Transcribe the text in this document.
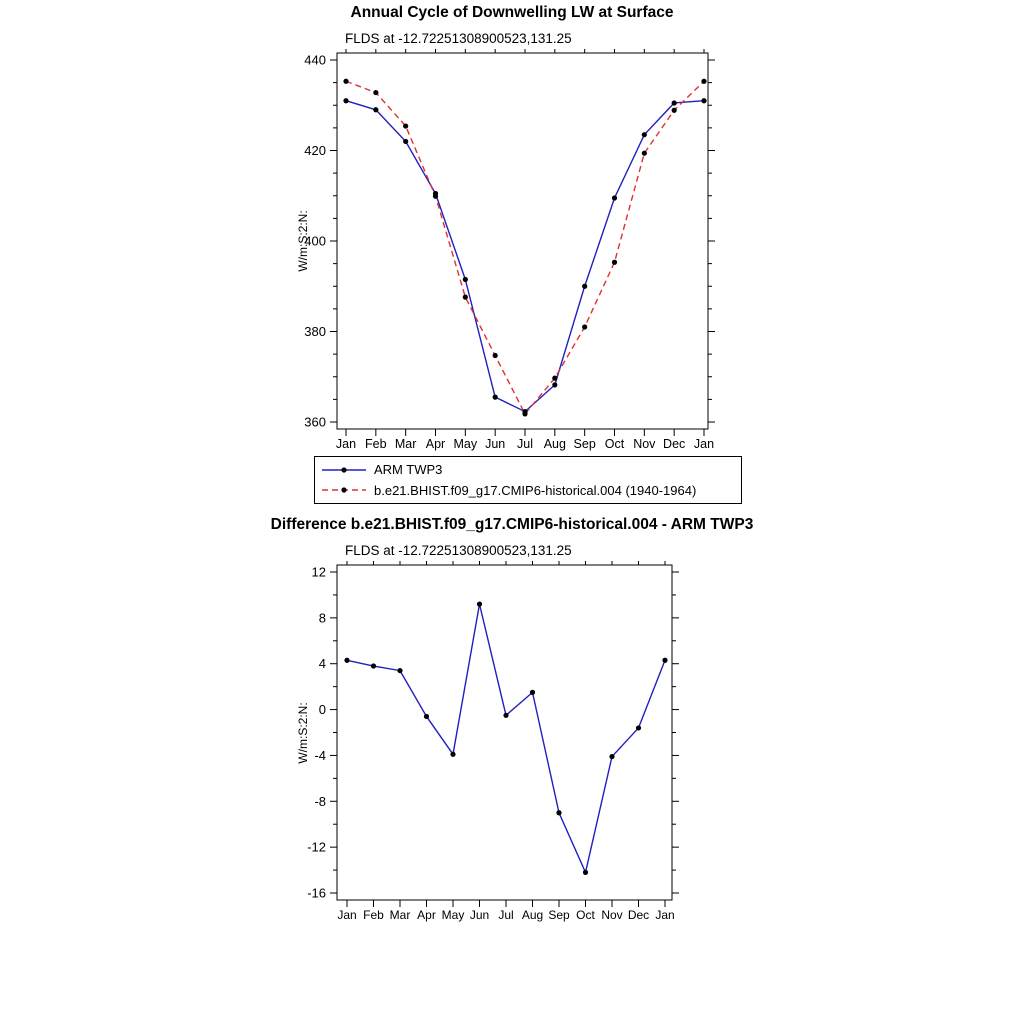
Annual Cycle of Downwelling LW at Surface
FLDS at -12.72251308900523,131.25
W/m:S:2:N:
360
380
400
420
440
Jan Feb Mar Apr May Jun Jul Aug Sep Oct Nov Dec Jan
ARM TWP3
b.e21.BHIST.f09_g17.CMIP6-historical.004 (1940-1964)
Difference b.e21.BHIST.f09_g17.CMIP6-historical.004 - ARM TWP3
FLDS at -12.72251308900523,131.25
W/m:S:2:N:
-16
-12
-8
-4
0
4
8
12
Jan Feb Mar Apr May Jun Jul Aug Sep Oct Nov Dec Jan
